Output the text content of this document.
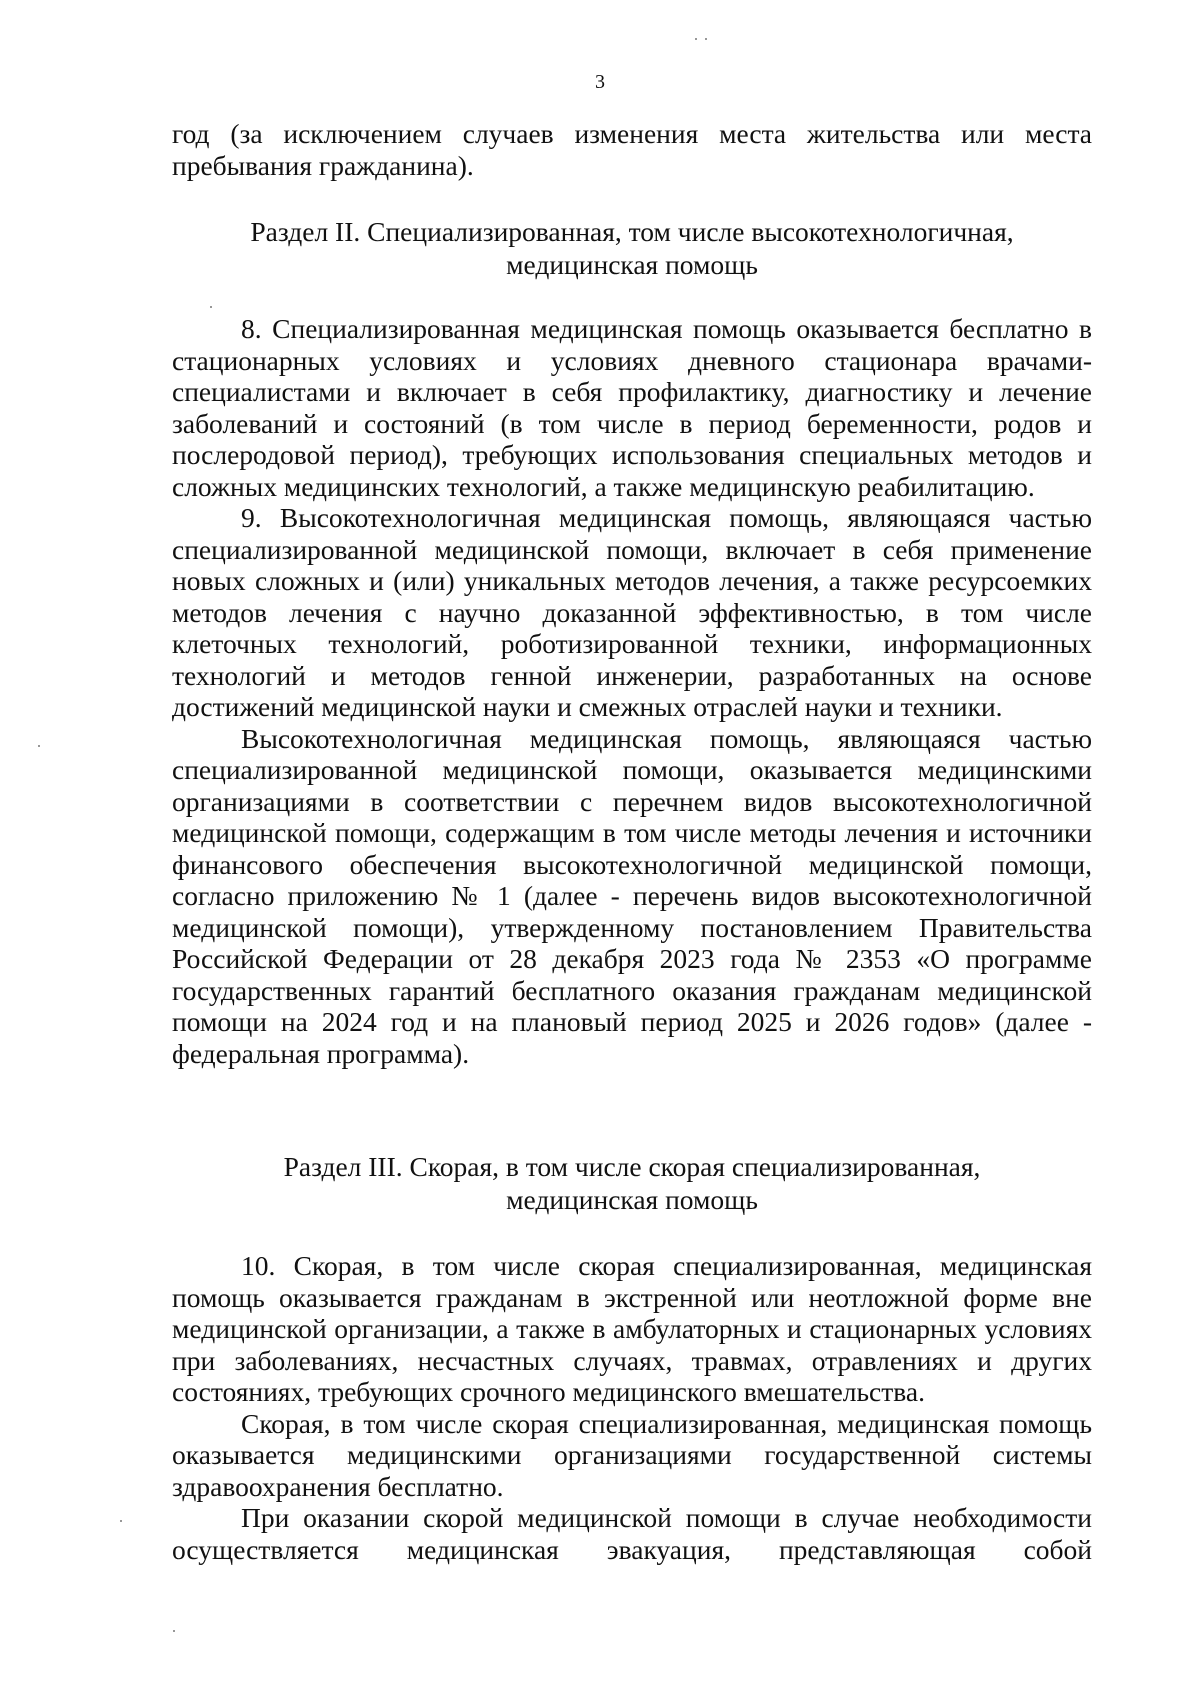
3

год (за исключением случаев изменения места жительства или места пребывания гражданина).

Раздел II. Специализированная, том числе высокотехнологичная,
медицинская помощь

8. Специализированная медицинская помощь оказывается бесплатно в стационарных условиях и условиях дневного стационара врачами-специалистами и включает в себя профилактику, диагностику и лечение заболеваний и состояний (в том числе в период беременности, родов и послеродовой период), требующих использования специальных методов и сложных медицинских технологий, а также медицинскую реабилитацию.

9. Высокотехнологичная медицинская помощь, являющаяся частью специализированной медицинской помощи, включает в себя применение новых сложных и (или) уникальных методов лечения, а также ресурсоемких методов лечения с научно доказанной эффективностью, в том числе клеточных технологий, роботизированной техники, информационных технологий и методов генной инженерии, разработанных на основе достижений медицинской науки и смежных отраслей науки и техники.

Высокотехнологичная медицинская помощь, являющаяся частью специализированной медицинской помощи, оказывается медицинскими организациями в соответствии с перечнем видов высокотехнологичной медицинской помощи, содержащим в том числе методы лечения и источники финансового обеспечения высокотехнологичной медицинской помощи, согласно приложению № 1 (далее - перечень видов высокотехнологичной медицинской помощи), утвержденному постановлением Правительства Российской Федерации от 28 декабря 2023 года № 2353 «О программе государственных гарантий бесплатного оказания гражданам медицинской помощи на 2024 год и на плановый период 2025 и 2026 годов» (далее - федеральная программа).

Раздел III. Скорая, в том числе скорая специализированная,
медицинская помощь

10. Скорая, в том числе скорая специализированная, медицинская помощь оказывается гражданам в экстренной или неотложной форме вне медицинской организации, а также в амбулаторных и стационарных условиях при заболеваниях, несчастных случаях, травмах, отравлениях и других состояниях, требующих срочного медицинского вмешательства.

Скорая, в том числе скорая специализированная, медицинская помощь оказывается медицинскими организациями государственной системы здравоохранения бесплатно.

При оказании скорой медицинской помощи в случае необходимости осуществляется медицинская эвакуация, представляющая собой
